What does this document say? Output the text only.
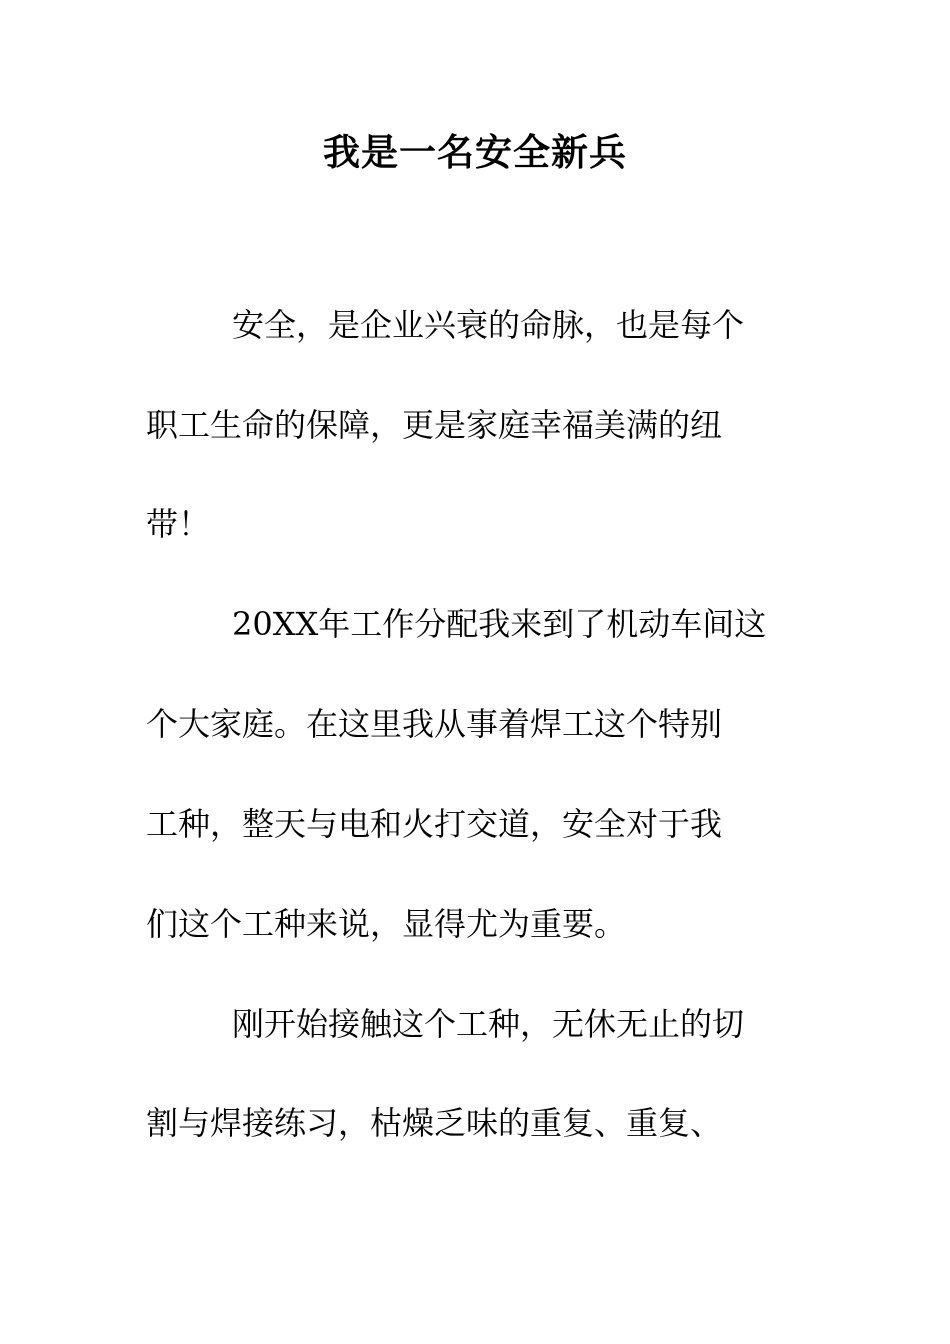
我是一名安全新兵

安全，是企业兴衰的命脉，也是每个

职工生命的保障，更是家庭幸福美满的纽

带！

20XX年工作分配我来到了机动车间这

个大家庭。在这里我从事着焊工这个特别

工种，整天与电和火打交道，安全对于我

们这个工种来说，显得尤为重要。

刚开始接触这个工种，无休无止的切

割与焊接练习，枯燥乏味的重复、重复、
